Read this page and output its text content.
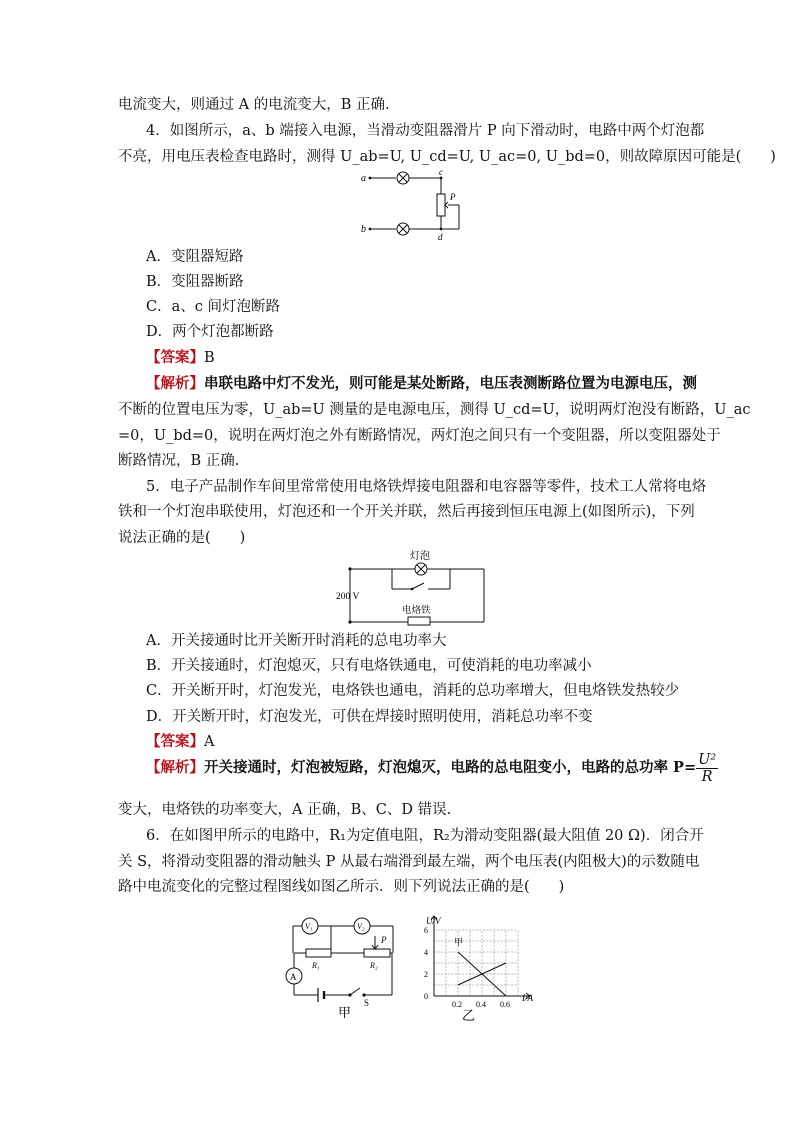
电流变大，则通过 A 的电流变大，B 正确.
4．如图所示，a、b 端接入电源，当滑动变阻器滑片 P 向下滑动时，电路中两个灯泡都
不亮，用电压表检查电路时，测得 U_ab=U, U_cd=U, U_ac=0, U_bd=0，则故障原因可能是(　　)
a
b
c
d
P
A．变阻器短路
B．变阻器断路
C．a、c 间灯泡断路
D．两个灯泡都断路
【答案】B
【解析】串联电路中灯不发光，则可能是某处断路，电压表测断路位置为电源电压，测
不断的位置电压为零，U_ab=U 测量的是电源电压，测得 U_cd=U，说明两灯泡没有断路，U_ac
=0，U_bd=0，说明在两灯泡之外有断路情况，两灯泡之间只有一个变阻器，所以变阻器处于
断路情况，B 正确.
5．电子产品制作车间里常常使用电烙铁焊接电阻器和电容器等零件，技术工人常将电烙
铁和一个灯泡串联使用，灯泡还和一个开关并联，然后再接到恒压电源上(如图所示)，下列
说法正确的是(　　)
灯泡
200 V
电烙铁
A．开关接通时比开关断开时消耗的总电功率大
B．开关接通时，灯泡熄灭，只有电烙铁通电，可使消耗的电功率减小
C．开关断开时，灯泡发光，电烙铁也通电，消耗的总功率增大，但电烙铁发热较少
D．开关断开时，灯泡发光，可供在焊接时照明使用，消耗总功率不变
【答案】A
【解析】开关接通时，灯泡被短路，灯泡熄灭，电路的总电阻变小，电路的总功率 $P= \frac{\text{U²}}{R}$
变大，电烙铁的功率变大，A 正确，B、C、D 错误.
6．在如图甲所示的电路中，R₁为定值电阻，R₂为滑动变阻器(最大阻值 20 Ω)．闭合开
关 S，将滑动变阻器的滑动触头 P 从最右端滑到最左端，两个电压表(内阻极大)的示数随电
路中电流变化的完整过程图线如图乙所示．则下列说法正确的是(　　)
V₁	V₂
A
R₁	R₂
P
S
甲
6
4
2
0
0.2 0.4 0.6
U/V
I/A
甲
乙
